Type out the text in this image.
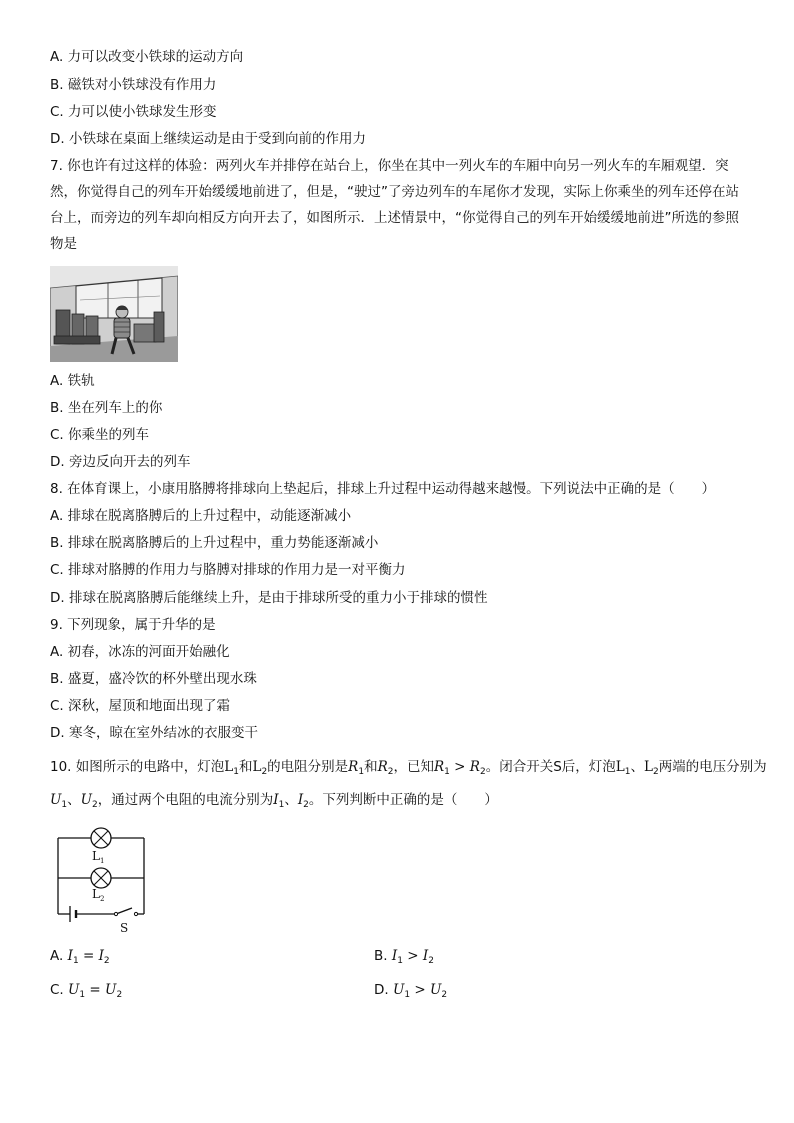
A. 力可以改变小铁球的运动方向
B. 磁铁对小铁球没有作用力
C. 力可以使小铁球发生形变
D. 小铁球在桌面上继续运动是由于受到向前的作用力
7. 你也许有过这样的体验：两列火车并排停在站台上，你坐在其中一列火车的车厢中向另一列火车的车厢观望．突然，你觉得自己的列车开始缓缓地前进了，但是，“驶过”了旁边列车的车尾你才发现，实际上你乘坐的列车还停在站台上，而旁边的列车却向相反方向开去了，如图所示．上述情景中，“你觉得自己的列车开始缓缓地前进”所选的参照物是
A. 铁轨
B. 坐在列车上的你
C. 你乘坐的列车
D. 旁边反向开去的列车
8. 在体育课上，小康用胳膊将排球向上垫起后，排球上升过程中运动得越来越慢。下列说法中正确的是（　　）
A. 排球在脱离胳膊后的上升过程中，动能逐渐减小
B. 排球在脱离胳膊后的上升过程中，重力势能逐渐减小
C. 排球对胳膊的作用力与胳膊对排球的作用力是一对平衡力
D. 排球在脱离胳膊后能继续上升，是由于排球所受的重力小于排球的惯性
9. 下列现象，属于升华的是
A. 初春，冰冻的河面开始融化
B. 盛夏，盛冷饮的杯外壁出现水珠
C. 深秋，屋顶和地面出现了霜
D. 寒冬，晾在室外结冰的衣服变干
10. 如图所示的电路中，灯泡$L_1$和$L_2$的电阻分别是$R_1$和$R_2$，已知$R_1 > R_2$。闭合开关S后，灯泡$L_1$、$L_2$两端的电压分别为
$U_1$、$U_2$，通过两个电阻的电流分别为$I_1$、$I_2$。下列判断中正确的是（　　）
$L_1$
$L_2$
S
A. $I_1 = I_2$	B. $I_1 > I_2$
C. $U_1 = U_2$	D. $U_1 > U_2$
